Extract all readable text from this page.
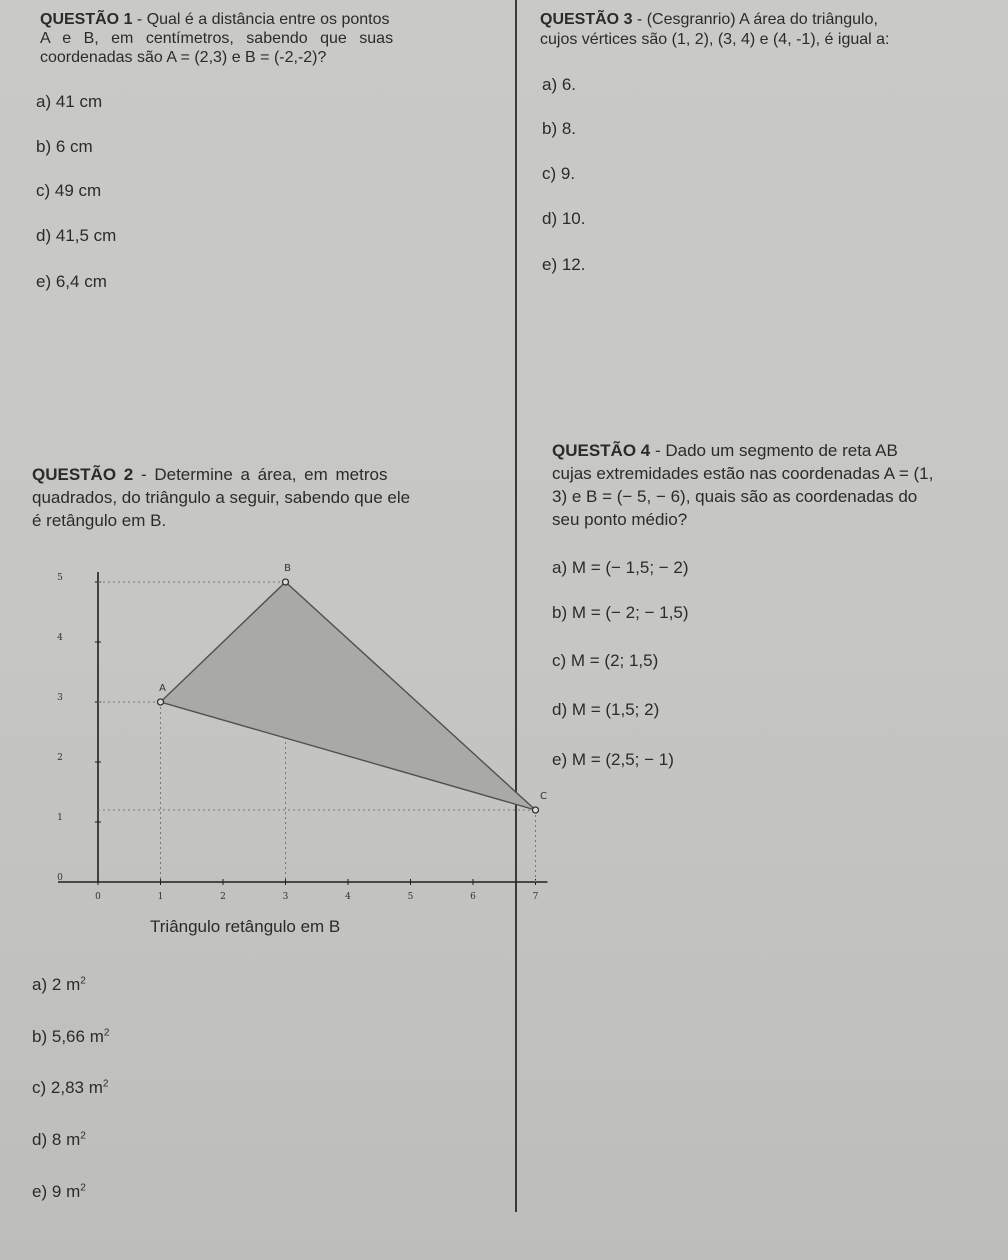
QUESTÃO 1 - Qual é a distância entre os pontos
A e B, em centímetros, sabendo que suas
coordenadas são A = (2,3) e B = (-2,-2)?
a) 41 cm
b) 6 cm
c) 49 cm
d) 41,5 cm
e) 6,4 cm
QUESTÃO 2 - Determine a área, em metros
quadrados, do triângulo a seguir, sabendo que ele
é retângulo em B.
0	1	2	3	4	5	6	7
0
1
2
3
4
5
A
B
C
Triângulo retângulo em B
a) 2 $m^2$
b) 5,66 $m^2$
c) 2,83 $m^2$
d) 8 $m^2$
e) 9 $m^2$
QUESTÃO 3 - (Cesgranrio) A área do triângulo,
cujos vértices são (1, 2), (3, 4) e (4, -1), é igual a:
a) 6.
b) 8.
c) 9.
d) 10.
e) 12.
QUESTÃO 4 - Dado um segmento de reta AB
cujas extremidades estão nas coordenadas A = (1,
3) e B = (− 5, − 6), quais são as coordenadas do
seu ponto médio?
a) M = (− 1,5; − 2)
b) M = (− 2; − 1,5)
c) M = (2; 1,5)
d) M = (1,5; 2)
e) M = (2,5; − 1)
